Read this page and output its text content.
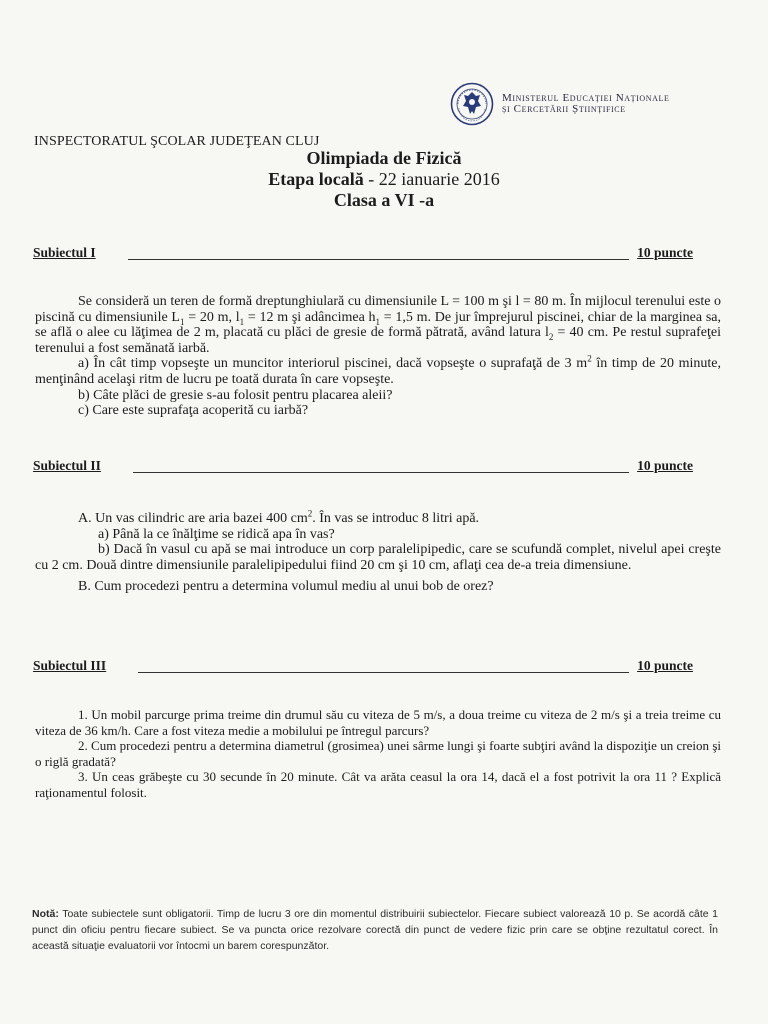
Ministerul Educației Naționale
și Cercetării Științifice
INSPECTORATUL ŞCOLAR JUDEŢEAN CLUJ
Olimpiada de Fizică
Etapa locală - 22 ianuarie 2016
Clasa a VI -a
Subiectul I	10 puncte

Se consideră un teren de formă dreptunghiulară cu dimensiunile L = 100 m şi l = 80 m. În mijlocul terenului este o piscină cu dimensiunile $L_1 = 20$ m, $l_1 = 12$ m şi adâncimea $h_1 = 1,5$ m. De jur împrejurul piscinei, chiar de la marginea sa, se află o alee cu lăţimea de 2 m, placată cu plăci de gresie de formă pătrată, având latura $l_2 = 40$ cm. Pe restul suprafeţei terenului a fost semănată iarbă.

a) În cât timp vopseşte un muncitor interiorul piscinei, dacă vopseşte o suprafaţă de 3 $m^2$ în timp de 20 minute, menţinând acelaşi ritm de lucru pe toată durata în care vopseşte.

b) Câte plăci de gresie s-au folosit pentru placarea aleii?

c) Care este suprafaţa acoperită cu iarbă?

Subiectul II	10 puncte

A. Un vas cilindric are aria bazei 400 $cm^2$. În vas se introduc 8 litri apă.

a) Până la ce înălţime se ridică apa în vas?

b) Dacă în vasul cu apă se mai introduce un corp paralelipipedic, care se scufundă complet, nivelul apei creşte cu 2 cm. Două dintre dimensiunile paralelipipedului fiind 20 cm şi 10 cm, aflaţi cea de-a treia dimensiune.

B. Cum procedezi pentru a determina volumul mediu al unui bob de orez?

Subiectul III	10 puncte

1. Un mobil parcurge prima treime din drumul său cu viteza de 5 m/s, a doua treime cu viteza de 2 m/s şi a treia treime cu viteza de 36 km/h. Care a fost viteza medie a mobilului pe întregul parcurs?

2. Cum procedezi pentru a determina diametrul (grosimea) unei sârme lungi şi foarte subţiri având la dispoziţie un creion şi o riglă gradată?

3. Un ceas grăbeşte cu 30 secunde în 20 minute. Cât va arăta ceasul la ora 14, dacă el a fost potrivit la ora 11 ? Explică raţionamentul folosit.

Notă: Toate subiectele sunt obligatorii. Timp de lucru 3 ore din momentul distribuirii subiectelor. Fiecare subiect valorează 10 p. Se acordă câte 1 punct din oficiu pentru fiecare subiect. Se va puncta orice rezolvare corectă din punct de vedere fizic prin care se obţine rezultatul corect. În această situaţie evaluatorii vor întocmi un barem corespunzător.
